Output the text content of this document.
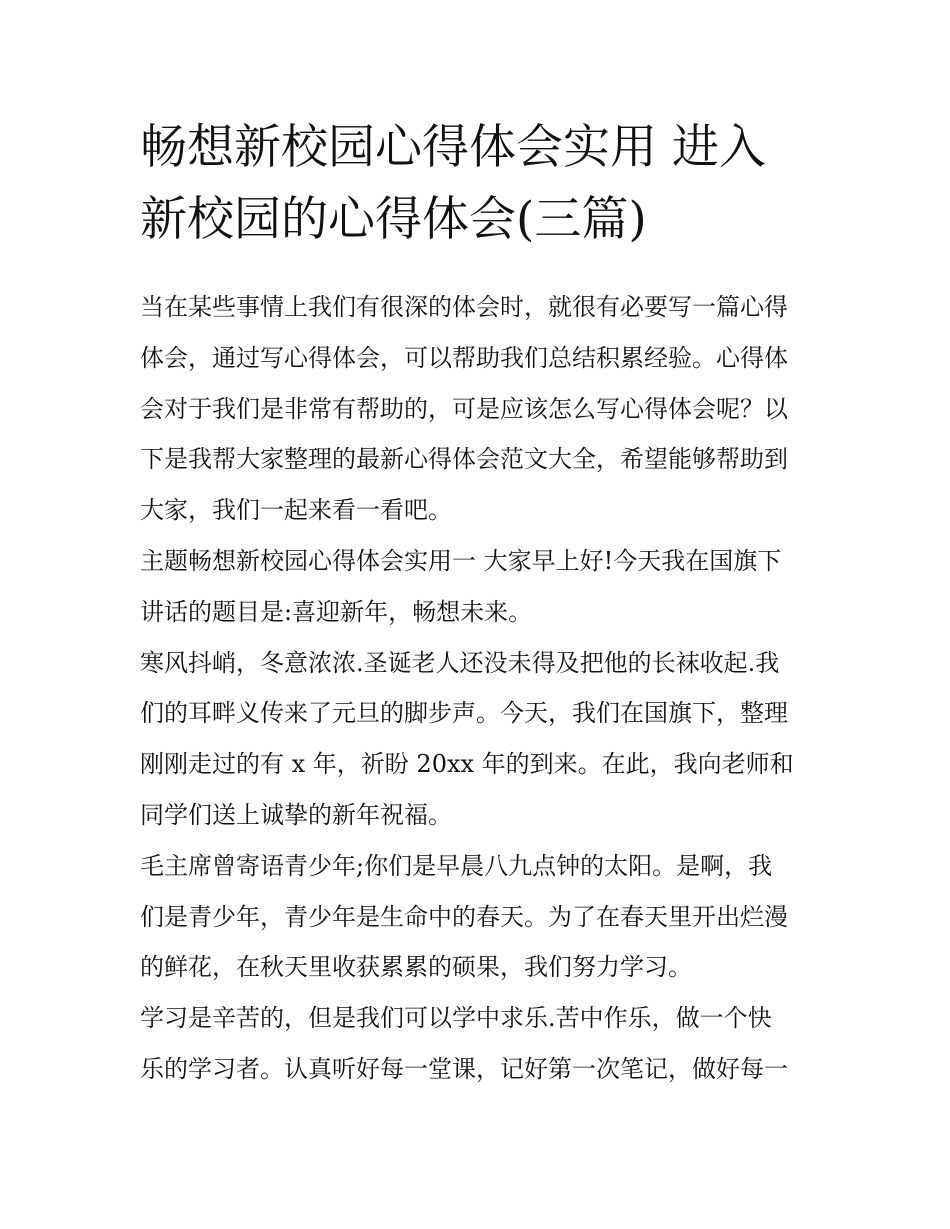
畅想新校园心得体会实用 进入
新校园的心得体会(三篇)
当在某些事情上我们有很深的体会时，就很有必要写一篇心得
体会，通过写心得体会，可以帮助我们总结积累经验。心得体
会对于我们是非常有帮助的，可是应该怎么写心得体会呢？以
下是我帮大家整理的最新心得体会范文大全，希望能够帮助到
大家，我们一起来看一看吧。
主题畅想新校园心得体会实用一 大家早上好!今天我在国旗下
讲话的题目是:喜迎新年，畅想未来。
寒风抖峭，冬意浓浓.圣诞老人还没未得及把他的长袜收起.我
们的耳畔义传来了元旦的脚步声。今天，我们在国旗下，整理
刚刚走过的有 x 年，祈盼 20xx 年的到来。在此，我向老师和
同学们送上诚挚的新年祝福。
毛主席曾寄语青少年;你们是早晨八九点钟的太阳。是啊，我
们是青少年，青少年是生命中的春天。为了在春天里开出烂漫
的鲜花，在秋天里收获累累的硕果，我们努力学习。
学习是辛苦的，但是我们可以学中求乐.苦中作乐，做一个快
乐的学习者。认真听好每一堂课，记好第一次笔记，做好每一
